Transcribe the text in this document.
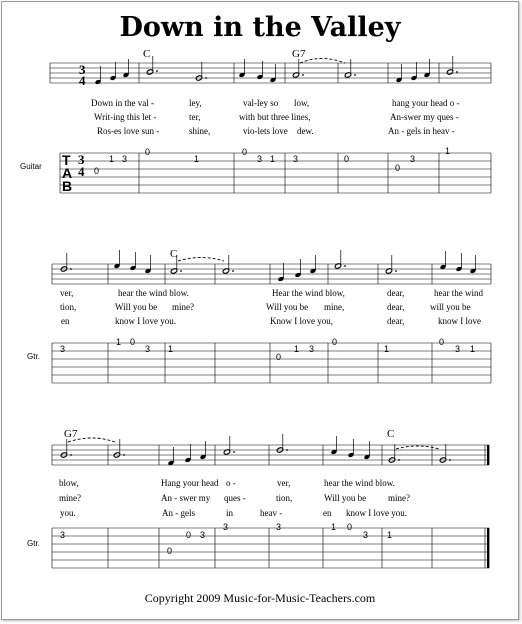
Down in the Valley
3
4
C	G7
Down in the val -	ley,	val-ley so low,	hang your head o -
Writ-ing this let -	ter,	with but three lines,	An-swer my ques -
Ros-es love sun -	shine,	vio-lets love dew.	An - gels in heav -
Guitar T
A
B
3
4 0
1 3
0
1
0
3 1 3	0
0
3
1
C
ver,	hear the wind blow.	Hear the wind blow,	dear,	hear the wind
tion,	Will you be mine?	Will you be mine,	dear,	will you be
en	know I love you.	Know I love you,	dear,	know I love
Gtr.
3
1 0
3 1
0
1 3
0
1
0
3 1
G7	C
blow,	Hang your head o -	ver,	hear the wind blow.
mine?	An - swer my ques -	tion,	Will you be mine?
you.	An - gels	in	heav -	en know I love you.
Gtr.
3
0
0 3
3	3	1 0
3 1
Copyright 2009 Music-for-Music-Teachers.com
